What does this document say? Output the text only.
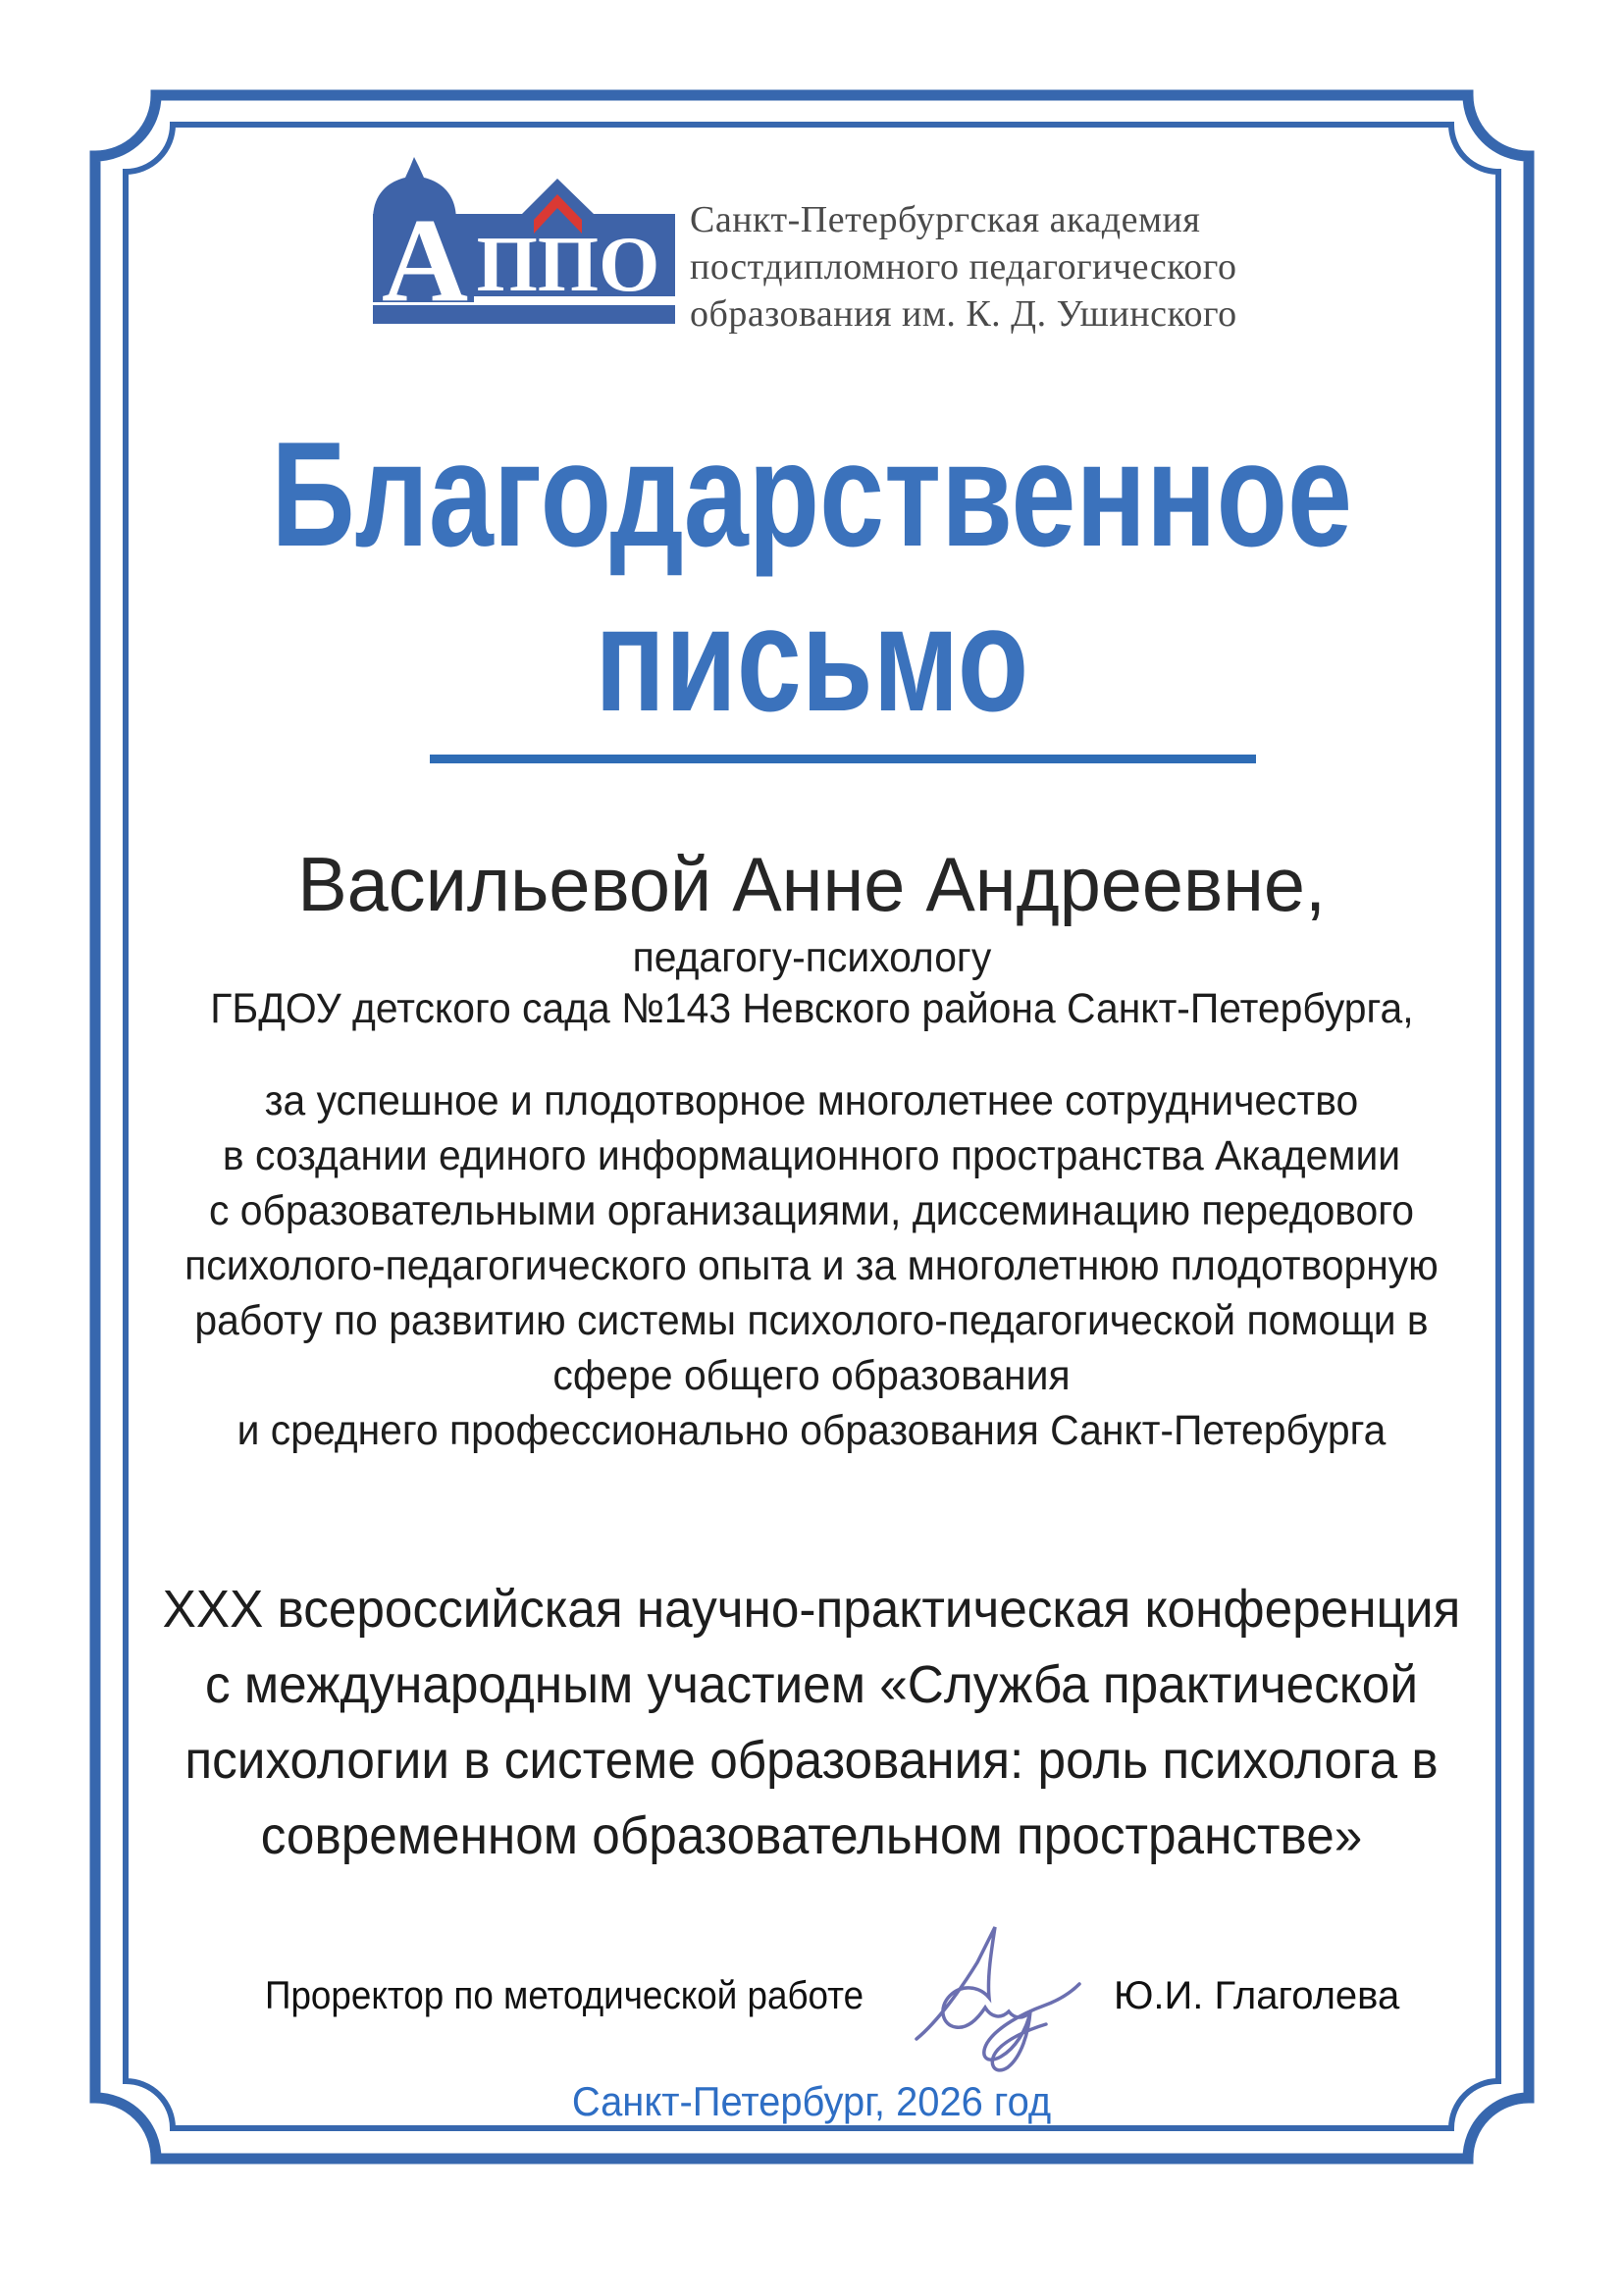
А ППО
Санкт-Петербургская академия
постдипломного педагогического
образования им. К. Д. Ушинского
Благодарственное
письмо
Васильевой Анне Андреевне,
педагогу-психологу
ГБДОУ детского сада №143 Невского района Санкт-Петербурга,
за успешное и плодотворное многолетнее сотрудничество
в создании единого информационного пространства Академии
с образовательными организациями, диссеминацию передового
психолого-педагогического опыта и за многолетнюю плодотворную
работу по развитию системы психолого-педагогической помощи в
сфере общего образования
и среднего профессионально образования Санкт-Петербурга
XXX всероссийская научно-практическая конференция
с международным участием «Служба практической
психологии в системе образования: роль психолога в
современном образовательном пространстве»
Проректор по методической работе	Ю.И. Глаголева
Санкт-Петербург, 2026 год
